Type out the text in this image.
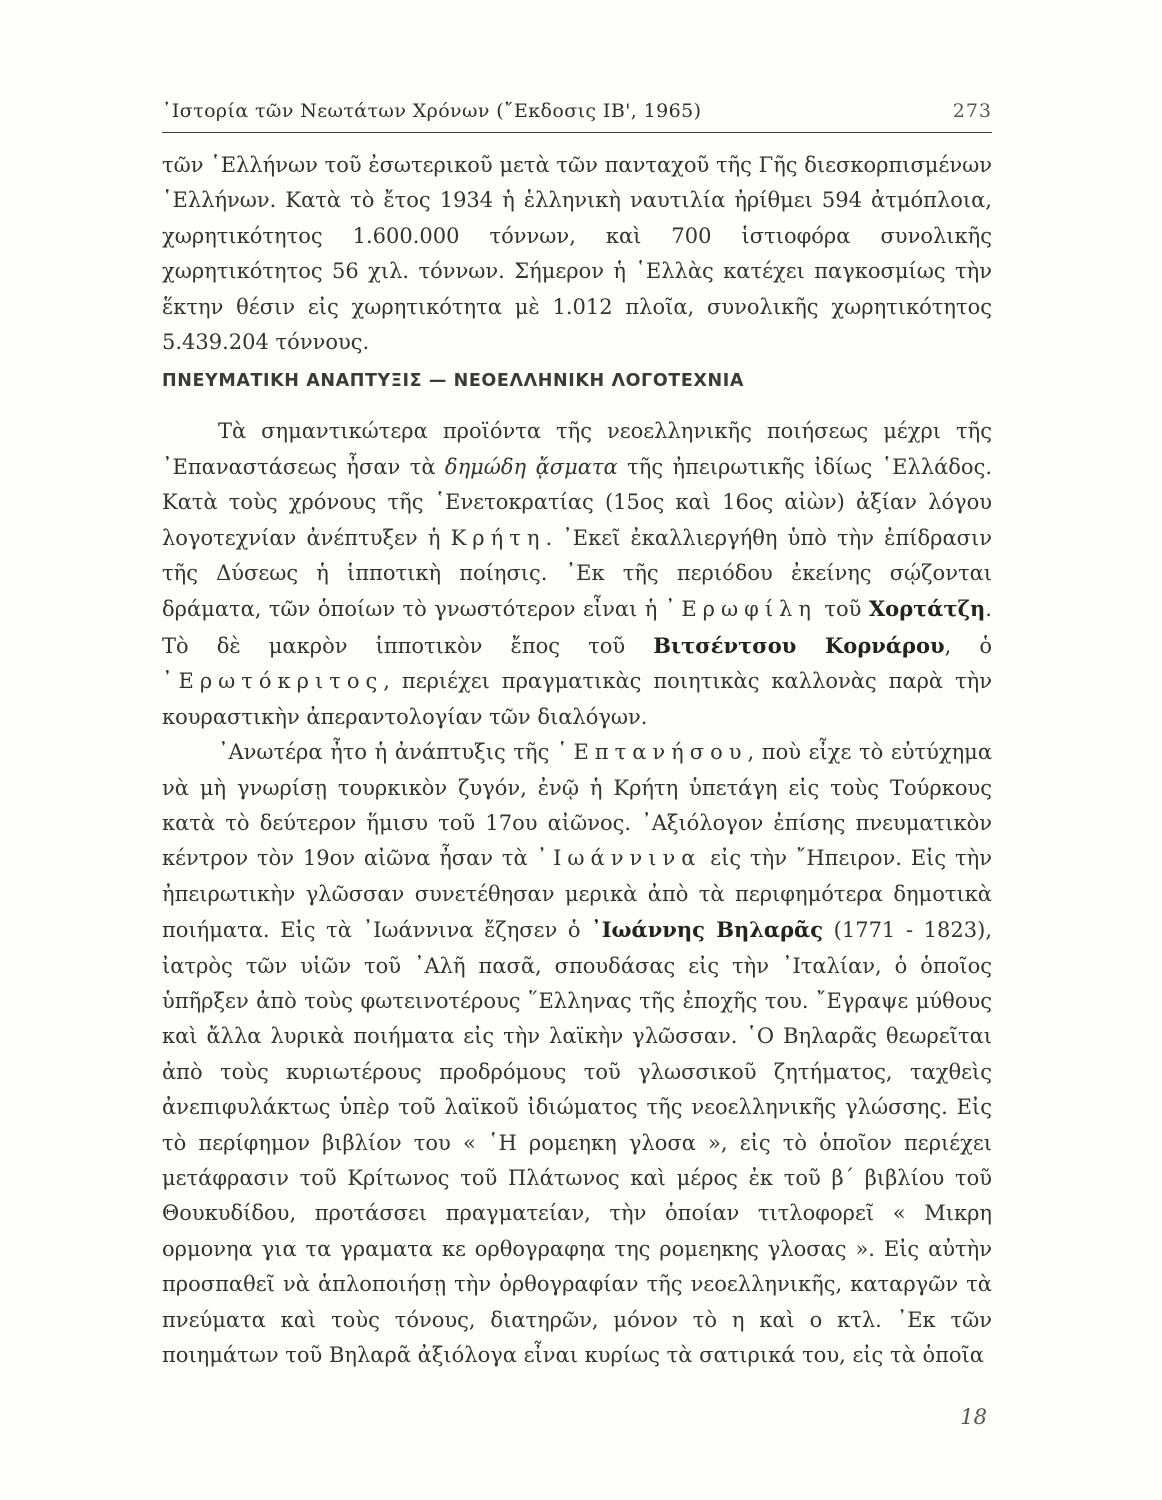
῾Ιστορία τῶν Νεωτάτων Χρόνων (῎Εκδοσις ΙΒ', 1965)	273

τῶν ῾Ελλήνων τοῦ ἐσωτερικοῦ μετὰ τῶν πανταχοῦ τῆς Γῆς διεσκορπισμένων ῾Ελλήνων. Κατὰ τὸ ἔτος 1934 ἡ ἑλληνικὴ ναυτιλία ἠρίθμει 594 ἀτμόπλοια, χωρητικότητος 1.600.000 τόννων, καὶ 700 ἱστιοφόρα συνολικῆς χωρητικότητος 56 χιλ. τόννων. Σήμερον ἡ ῾Ελλὰς κατέχει παγκοσμίως τὴν ἕκτην θέσιν εἰς χωρητικότητα μὲ 1.012 πλοῖα, συνολικῆς χωρητικότητος 5.439.204 τόννους.

ΠΝΕΥΜΑΤΙΚΗ ΑΝΑΠΤΥΞΙΣ — ΝΕΟΕΛΛΗΝΙΚΗ ΛΟΓΟΤΕΧΝΙΑ

Τὰ σημαντικώτερα προϊόντα τῆς νεοελληνικῆς ποιήσεως μέχρι τῆς ᾿Επαναστάσεως ἦσαν τὰ δημώδη ᾄσματα τῆς ἠπειρωτικῆς ἰδίως ῾Ελλάδος. Κατὰ τοὺς χρόνους τῆς ῾Ενετοκρατίας (15ος καὶ 16ος αἰὼν) ἀξίαν λόγου λογοτεχνίαν ἀνέπτυξεν ἡ Κρήτη. ᾿Εκεῖ ἐκαλλιεργήθη ὑπὸ τὴν ἐπίδρασιν τῆς Δύσεως ἡ ἱπποτικὴ ποίησις. ᾿Εκ τῆς περιόδου ἐκείνης σῴζονται δράματα, τῶν ὁποίων τὸ γνωστότερον εἶναι ἡ ᾿Ερωφίλη τοῦ Χορτάτζη. Τὸ δὲ μακρὸν ἱπποτικὸν ἔπος τοῦ Βιτσέντσου Κορνάρου, ὁ ᾿Ερωτόκριτος, περιέχει πραγματικὰς ποιητικὰς καλλονὰς παρὰ τὴν κουραστικὴν ἀπεραντολογίαν τῶν διαλόγων.

᾿Ανωτέρα ἦτο ἡ ἀνάπτυξις τῆς ῾Επτανήσου, ποὺ εἶχε τὸ εὐτύχημα νὰ μὴ γνωρίσῃ τουρκικὸν ζυγόν, ἐνῷ ἡ Κρήτη ὑπετάγη εἰς τοὺς Τούρκους κατὰ τὸ δεύτερον ἥμισυ τοῦ 17ου αἰῶνος. ᾿Αξιόλογον ἐπίσης πνευματικὸν κέντρον τὸν 19ον αἰῶνα ἦσαν τὰ ᾿Ιωάννινα εἰς τὴν ῎Ηπειρον. Εἰς τὴν ἠπειρωτικὴν γλῶσσαν συνετέθησαν μερικὰ ἀπὸ τὰ περιφημότερα δημοτικὰ ποιήματα. Εἰς τὰ ᾿Ιωάννινα ἔζησεν ὁ ᾿Ιωάννης Βηλαρᾶς (1771 - 1823), ἰατρὸς τῶν υἱῶν τοῦ ᾿Αλῆ πασᾶ, σπουδάσας εἰς τὴν ᾿Ιταλίαν, ὁ ὁποῖος ὑπῆρξεν ἀπὸ τοὺς φωτεινοτέρους ῞Ελληνας τῆς ἐποχῆς του. ῎Εγραψε μύθους καὶ ἄλλα λυρικὰ ποιήματα εἰς τὴν λαϊκὴν γλῶσσαν. ῾Ο Βηλαρᾶς θεωρεῖται ἀπὸ τοὺς κυριωτέρους προδρόμους τοῦ γλωσσικοῦ ζητήματος, ταχθεὶς ἀνεπιφυλάκτως ὑπὲρ τοῦ λαϊκοῦ ἰδιώματος τῆς νεοελληνικῆς γλώσσης. Εἰς τὸ περίφημον βιβλίον του « ῾Η ρομεηκη γλοσα », εἰς τὸ ὁποῖον περιέχει μετάφρασιν τοῦ Κρίτωνος τοῦ Πλάτωνος καὶ μέρος ἐκ τοῦ β΄ βιβλίου τοῦ Θουκυδίδου, προτάσσει πραγματείαν, τὴν ὁποίαν τιτλοφορεῖ « Μικρη ορμονηα για τα γραματα κε ορθογραφηα της ρομεηκης γλοσας ». Εἰς αὐτὴν προσπαθεῖ νὰ ἁπλοποιήσῃ τὴν ὀρθογραφίαν τῆς νεοελληνικῆς, καταργῶν τὰ πνεύματα καὶ τοὺς τόνους, διατηρῶν, μόνον τὸ η καὶ ο κτλ. ᾿Εκ τῶν ποιημάτων τοῦ Βηλαρᾶ ἀξιόλογα εἶναι κυρίως τὰ σατιρικά του, εἰς τὰ ὁποῖα

18
